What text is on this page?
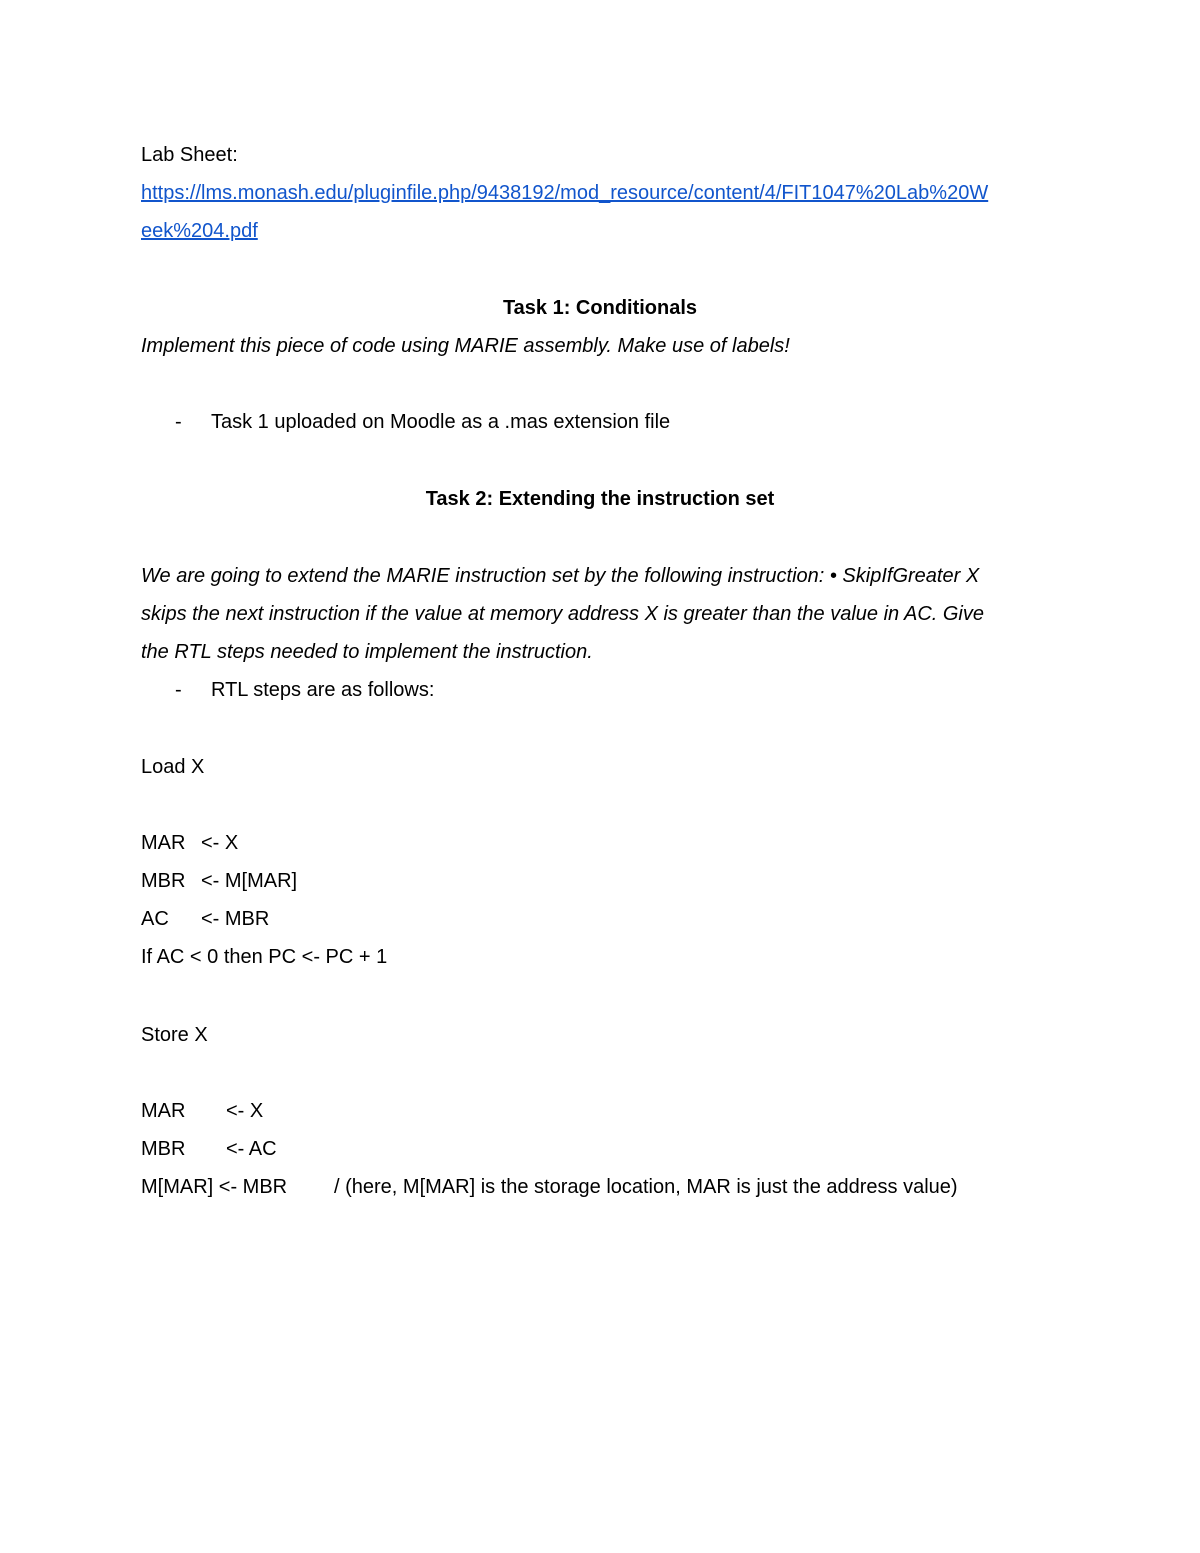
Lab Sheet:
https://lms.monash.edu/pluginfile.php/9438192/mod_resource/content/4/FIT1047%20Lab%20W
eek%204.pdf
Task 1: Conditionals
Implement this piece of code using MARIE assembly. Make use of labels!
- Task 1 uploaded on Moodle as a .mas extension file
Task 2: Extending the instruction set
We are going to extend the MARIE instruction set by the following instruction: • SkipIfGreater X
skips the next instruction if the value at memory address X is greater than the value in AC. Give
the RTL steps needed to implement the instruction.
- RTL steps are as follows:
Load X
MAR <- X
MBR <- M[MAR]
AC <- MBR
If AC < 0 then PC <- PC + 1
Store X
MAR <- X
MBR <- AC
M[MAR] <- MBR / (here, M[MAR] is the storage location, MAR is just the address value)
